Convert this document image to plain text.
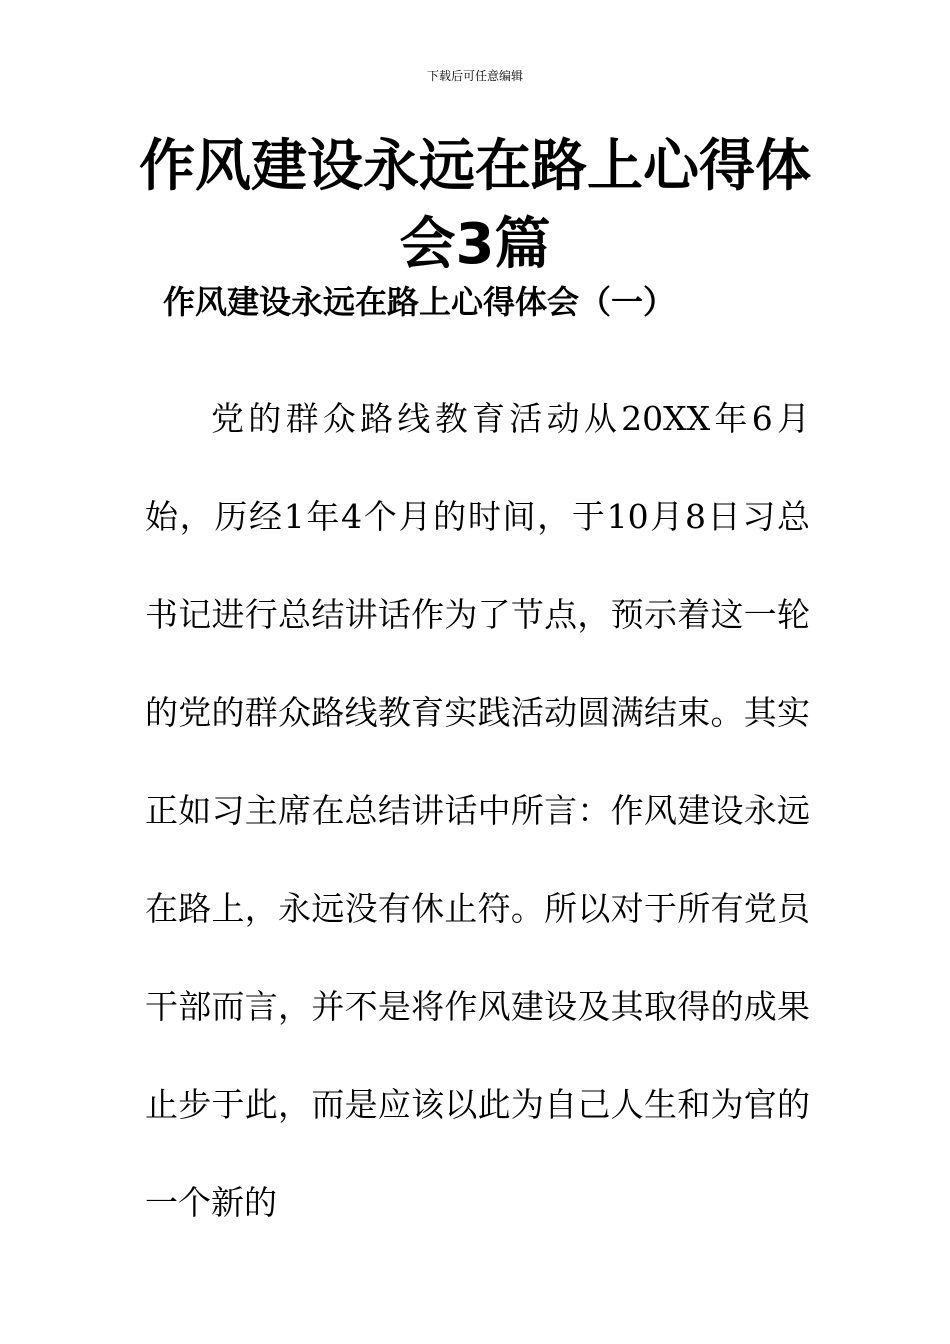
下载后可任意编辑
作风建设永远在路上心得体会3篇
作风建设永远在路上心得体会（一）

党的群众路线教育活动从20XX年6月始，历经1年4个月的时间，于10月8日习总书记进行总结讲话作为了节点，预示着这一轮的党的群众路线教育实践活动圆满结束。其实正如习主席在总结讲话中所言：作风建设永远在路上，永远没有休止符。所以对于所有党员干部而言，并不是将作风建设及其取得的成果止步于此，而是应该以此为自己人生和为官的一个新的
